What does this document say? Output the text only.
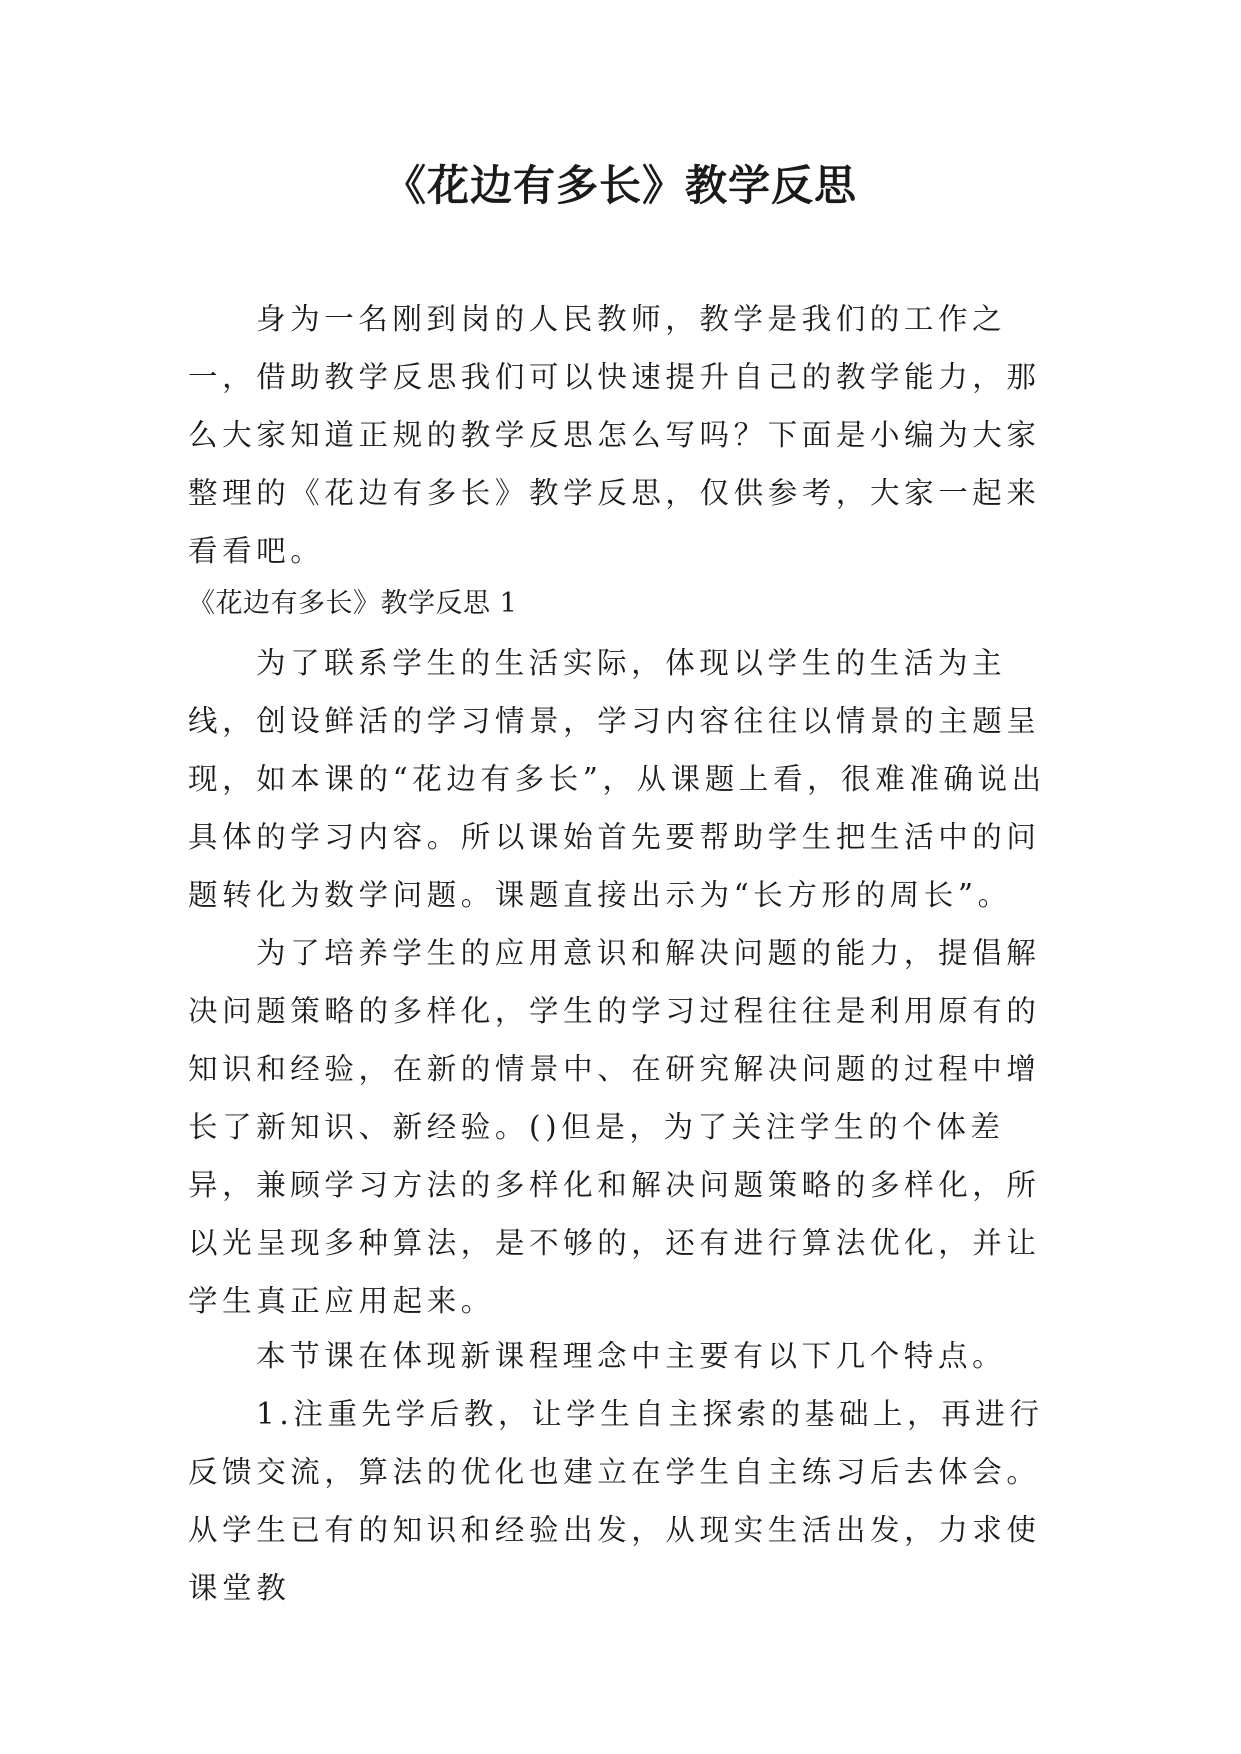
《花边有多长》教学反思

身为一名刚到岗的人民教师，教学是我们的工作之一，借助教学反思我们可以快速提升自己的教学能力，那么大家知道正规的教学反思怎么写吗？下面是小编为大家整理的《花边有多长》教学反思，仅供参考，大家一起来看看吧。

《花边有多长》教学反思 1

为了联系学生的生活实际，体现以学生的生活为主线，创设鲜活的学习情景，学习内容往往以情景的主题呈现，如本课的“花边有多长”，从课题上看，很难准确说出具体的学习内容。所以课始首先要帮助学生把生活中的问题转化为数学问题。课题直接出示为“长方形的周长”。

为了培养学生的应用意识和解决问题的能力，提倡解决问题策略的多样化，学生的学习过程往往是利用原有的知识和经验，在新的情景中、在研究解决问题的过程中增长了新知识、新经验。()但是，为了关注学生的个体差异，兼顾学习方法的多样化和解决问题策略的多样化，所以光呈现多种算法，是不够的，还有进行算法优化，并让学生真正应用起来。

本节课在体现新课程理念中主要有以下几个特点。

1.注重先学后教，让学生自主探索的基础上，再进行反馈交流，算法的优化也建立在学生自主练习后去体会。从学生已有的知识和经验出发，从现实生活出发，力求使课堂教
